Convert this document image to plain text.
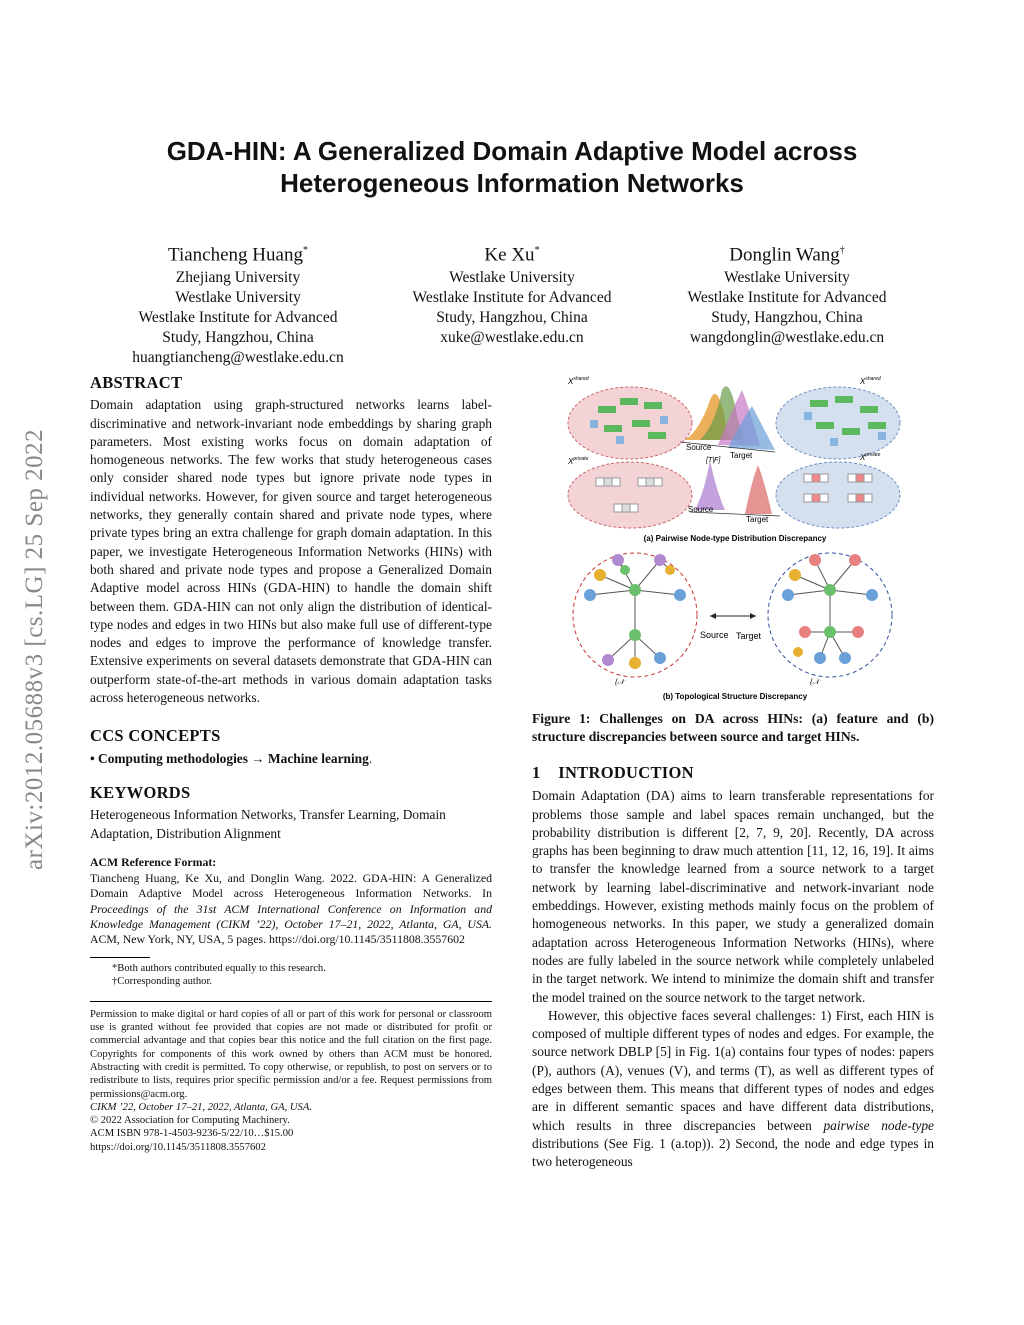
arXiv:2012.05688v3 [cs.LG] 25 Sep 2022
GDA-HIN: A Generalized Domain Adaptive Model across
Heterogeneous Information Networks
Tiancheng Huang*
Zhejiang University
Westlake University
Westlake Institute for Advanced
Study, Hangzhou, China
huangtiancheng@westlake.edu.cn
Ke Xu*
Westlake University
Westlake Institute for Advanced
Study, Hangzhou, China
xuke@westlake.edu.cn
Donglin Wang†
Westlake University
Westlake Institute for Advanced
Study, Hangzhou, China
wangdonglin@westlake.edu.cn
ABSTRACT

Domain adaptation using graph-structured networks learns label-discriminative and network-invariant node embeddings by sharing graph parameters. Most existing works focus on domain adaptation of homogeneous networks. The few works that study heterogeneous cases only consider shared node types but ignore private node types in individual networks. However, for given source and target heterogeneous networks, they generally contain shared and private node types, where private types bring an extra challenge for graph domain adaptation. In this paper, we investigate Heterogeneous Information Networks (HINs) with both shared and private node types and propose a Generalized Domain Adaptive model across HINs (GDA-HIN) to handle the domain shift between them. GDA-HIN can not only align the distribution of identical-type nodes and edges in two HINs but also make full use of different-type nodes and edges to improve the performance of knowledge transfer. Extensive experiments on several datasets demonstrate that GDA-HIN can outperform state-of-the-art methods in various domain adaptation tasks across heterogeneous networks.

CCS CONCEPTS

• Computing methodologies → Machine learning.

KEYWORDS

Heterogeneous Information Networks, Transfer Learning, Domain Adaptation, Distribution Alignment

ACM Reference Format:

Tiancheng Huang, Ke Xu, and Donglin Wang. 2022. GDA-HIN: A Generalized Domain Adaptive Model across Heterogeneous Information Networks. In Proceedings of the 31st ACM International Conference on Information and Knowledge Management (CIKM ’22), October 17–21, 2022, Atlanta, GA, USA. ACM, New York, NY, USA, 5 pages. https://doi.org/10.1145/3511808.3557602

*Both authors contributed equally to this research.
†Corresponding author.
Permission to make digital or hard copies of all or part of this work for personal or classroom use is granted without fee provided that copies are not made or distributed for profit or commercial advantage and that copies bear this notice and the full citation on the first page. Copyrights for components of this work owned by others than ACM must be honored. Abstracting with credit is permitted. To copy otherwise, or republish, to post on servers or to redistribute to lists, requires prior specific permission and/or a fee. Request permissions from permissions@acm.org.
CIKM ’22, October 17–21, 2022, Atlanta, GA, USA.
© 2022 Association for Computing Machinery.
ACM ISBN 978-1-4503-9236-5/22/10…$15.00
https://doi.org/10.1145/3511808.3557602
$X^{shared}$	$X^{shared}$
$X^{private}$	$X^{private}$
Source
Target
[T|F]
Source
Target
(a) Pairwise Node-type Distribution Discrepancy
Source Target
{𝒩	{𝒩
(b) Topological Structure Discrepancy

Figure 1: Challenges on DA across HINs: (a) feature and (b) structure discrepancies between source and target HINs.

1    INTRODUCTION

Domain Adaptation (DA) aims to learn transferable representations for problems those sample and label spaces remain unchanged, but the probability distribution is different [2, 7, 9, 20]. Recently, DA across graphs has been beginning to draw much attention [11, 12, 16, 19]. It aims to transfer the knowledge learned from a source network to a target network by learning label-discriminative and network-invariant node embeddings. However, existing methods mainly focus on the problem of homogeneous networks. In this paper, we study a generalized domain adaptation across Heterogeneous Information Networks (HINs), where nodes are fully labeled in the source network while completely unlabeled in the target network. We intend to minimize the domain shift and transfer the model trained on the source network to the target network.

However, this objective faces several challenges: 1) First, each HIN is composed of multiple different types of nodes and edges. For example, the source network DBLP [5] in Fig. 1(a) contains four types of nodes: papers (P), authors (A), venues (V), and terms (T), as well as different types of edges between them. This means that different types of nodes and edges are in different semantic spaces and have different data distributions, which results in three discrepancies between pairwise node-type distributions (See Fig. 1 (a.top)). 2) Second, the node and edge types in two heterogeneous
